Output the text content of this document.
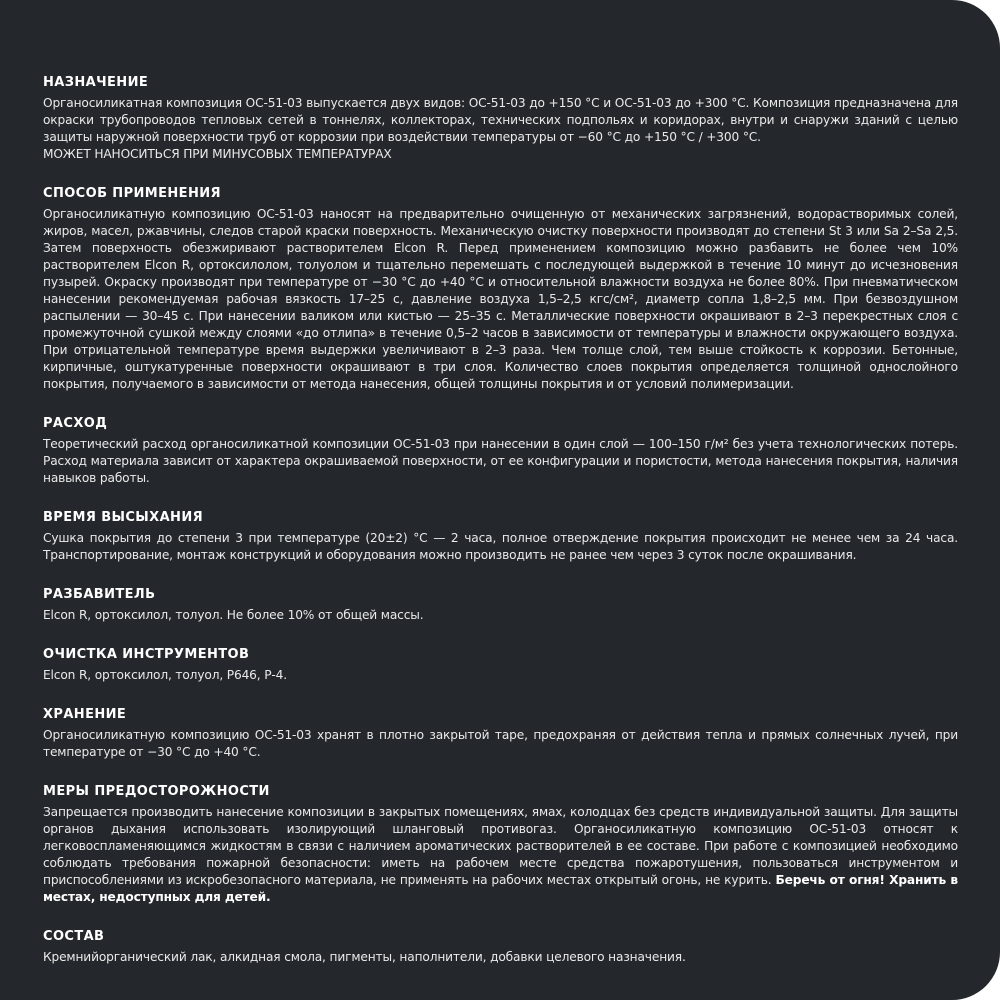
НАЗНАЧЕНИЕ
Органосиликатная композиция ОС-51-03 выпускается двух видов: ОС-51-03 до +150 °С и ОС-51-03 до +300 °С. Композиция предназначена для окраски трубопроводов тепловых сетей в тоннелях, коллекторах, технических подпольях и коридорах, внутри и снаружи зданий с целью защиты наружной поверхности труб от коррозии при воздействии температуры от −60 °С до +150 °С / +300 °С.
МОЖЕТ НАНОСИТЬСЯ ПРИ МИНУСОВЫХ ТЕМПЕРАТУРАХ
СПОСОБ ПРИМЕНЕНИЯ
Органосиликатную композицию ОС-51-03 наносят на предварительно очищенную от механических загрязнений, водорастворимых солей, жиров, масел, ржавчины, следов старой краски поверхность. Механическую очистку поверхности производят до степени St 3 или Sa 2–Sa 2,5. Затем поверхность обезжиривают растворителем Elcon R. Перед применением композицию можно разбавить не более чем 10% растворителем Elcon R, ортоксилолом, толуолом и тщательно перемешать с последующей выдержкой в течение 10 минут до исчезновения пузырей. Окраску производят при температуре от −30 °С до +40 °С и относительной влажности воздуха не более 80%. При пневматическом нанесении рекомендуемая рабочая вязкость 17–25 с, давление воздуха 1,5–2,5 кгс/см², диаметр сопла 1,8–2,5 мм. При безвоздушном распылении — 30–45 с. При нанесении валиком или кистью — 25–35 с. Металлические поверхности окрашивают в 2–3 перекрестных слоя с промежуточной сушкой между слоями «до отлипа» в течение 0,5–2 часов в зависимости от температуры и влажности окружающего воздуха. При отрицательной температуре время выдержки увеличивают в 2–3 раза. Чем толще слой, тем выше стойкость к коррозии. Бетонные, кирпичные, оштукатуренные поверхности окрашивают в три слоя. Количество слоев покрытия определяется толщиной однослойного покрытия, получаемого в зависимости от метода нанесения, общей толщины покрытия и от условий полимеризации.
РАСХОД
Теоретический расход органосиликатной композиции ОС-51-03 при нанесении в один слой — 100–150 г/м² без учета технологических потерь. Расход материала зависит от характера окрашиваемой поверхности, от ее конфигурации и пористости, метода нанесения покрытия, наличия навыков работы.
ВРЕМЯ ВЫСЫХАНИЯ
Сушка покрытия до степени 3 при температуре (20±2) °С — 2 часа, полное отверждение покрытия происходит не менее чем за 24 часа. Транспортирование, монтаж конструкций и оборудования можно производить не ранее чем через 3 суток после окрашивания.
РАЗБАВИТЕЛЬ
Elcon R, ортоксилол, толуол. Не более 10% от общей массы.
ОЧИСТКА ИНСТРУМЕНТОВ
Elcon R, ортоксилол, толуол, Р646, Р-4.
ХРАНЕНИЕ
Органосиликатную композицию ОС-51-03 хранят в плотно закрытой таре, предохраняя от действия тепла и прямых солнечных лучей, при температуре от −30 °С до +40 °С.
МЕРЫ ПРЕДОСТОРОЖНОСТИ
Запрещается производить нанесение композиции в закрытых помещениях, ямах, колодцах без средств индивидуальной защиты. Для защиты органов дыхания использовать изолирующий шланговый противогаз. Органосиликатную композицию ОС-51-03 относят к легковоспламеняющимся жидкостям в связи с наличием ароматических растворителей в ее составе. При работе с композицией необходимо соблюдать требования пожарной безопасности: иметь на рабочем месте средства пожаротушения, пользоваться инструментом и приспособлениями из искробезопасного материала, не применять на рабочих местах открытый огонь, не курить. Беречь от огня! Хранить в местах, недоступных для детей.
СОСТАВ
Кремнийорганический лак, алкидная смола, пигменты, наполнители, добавки целевого назначения.
